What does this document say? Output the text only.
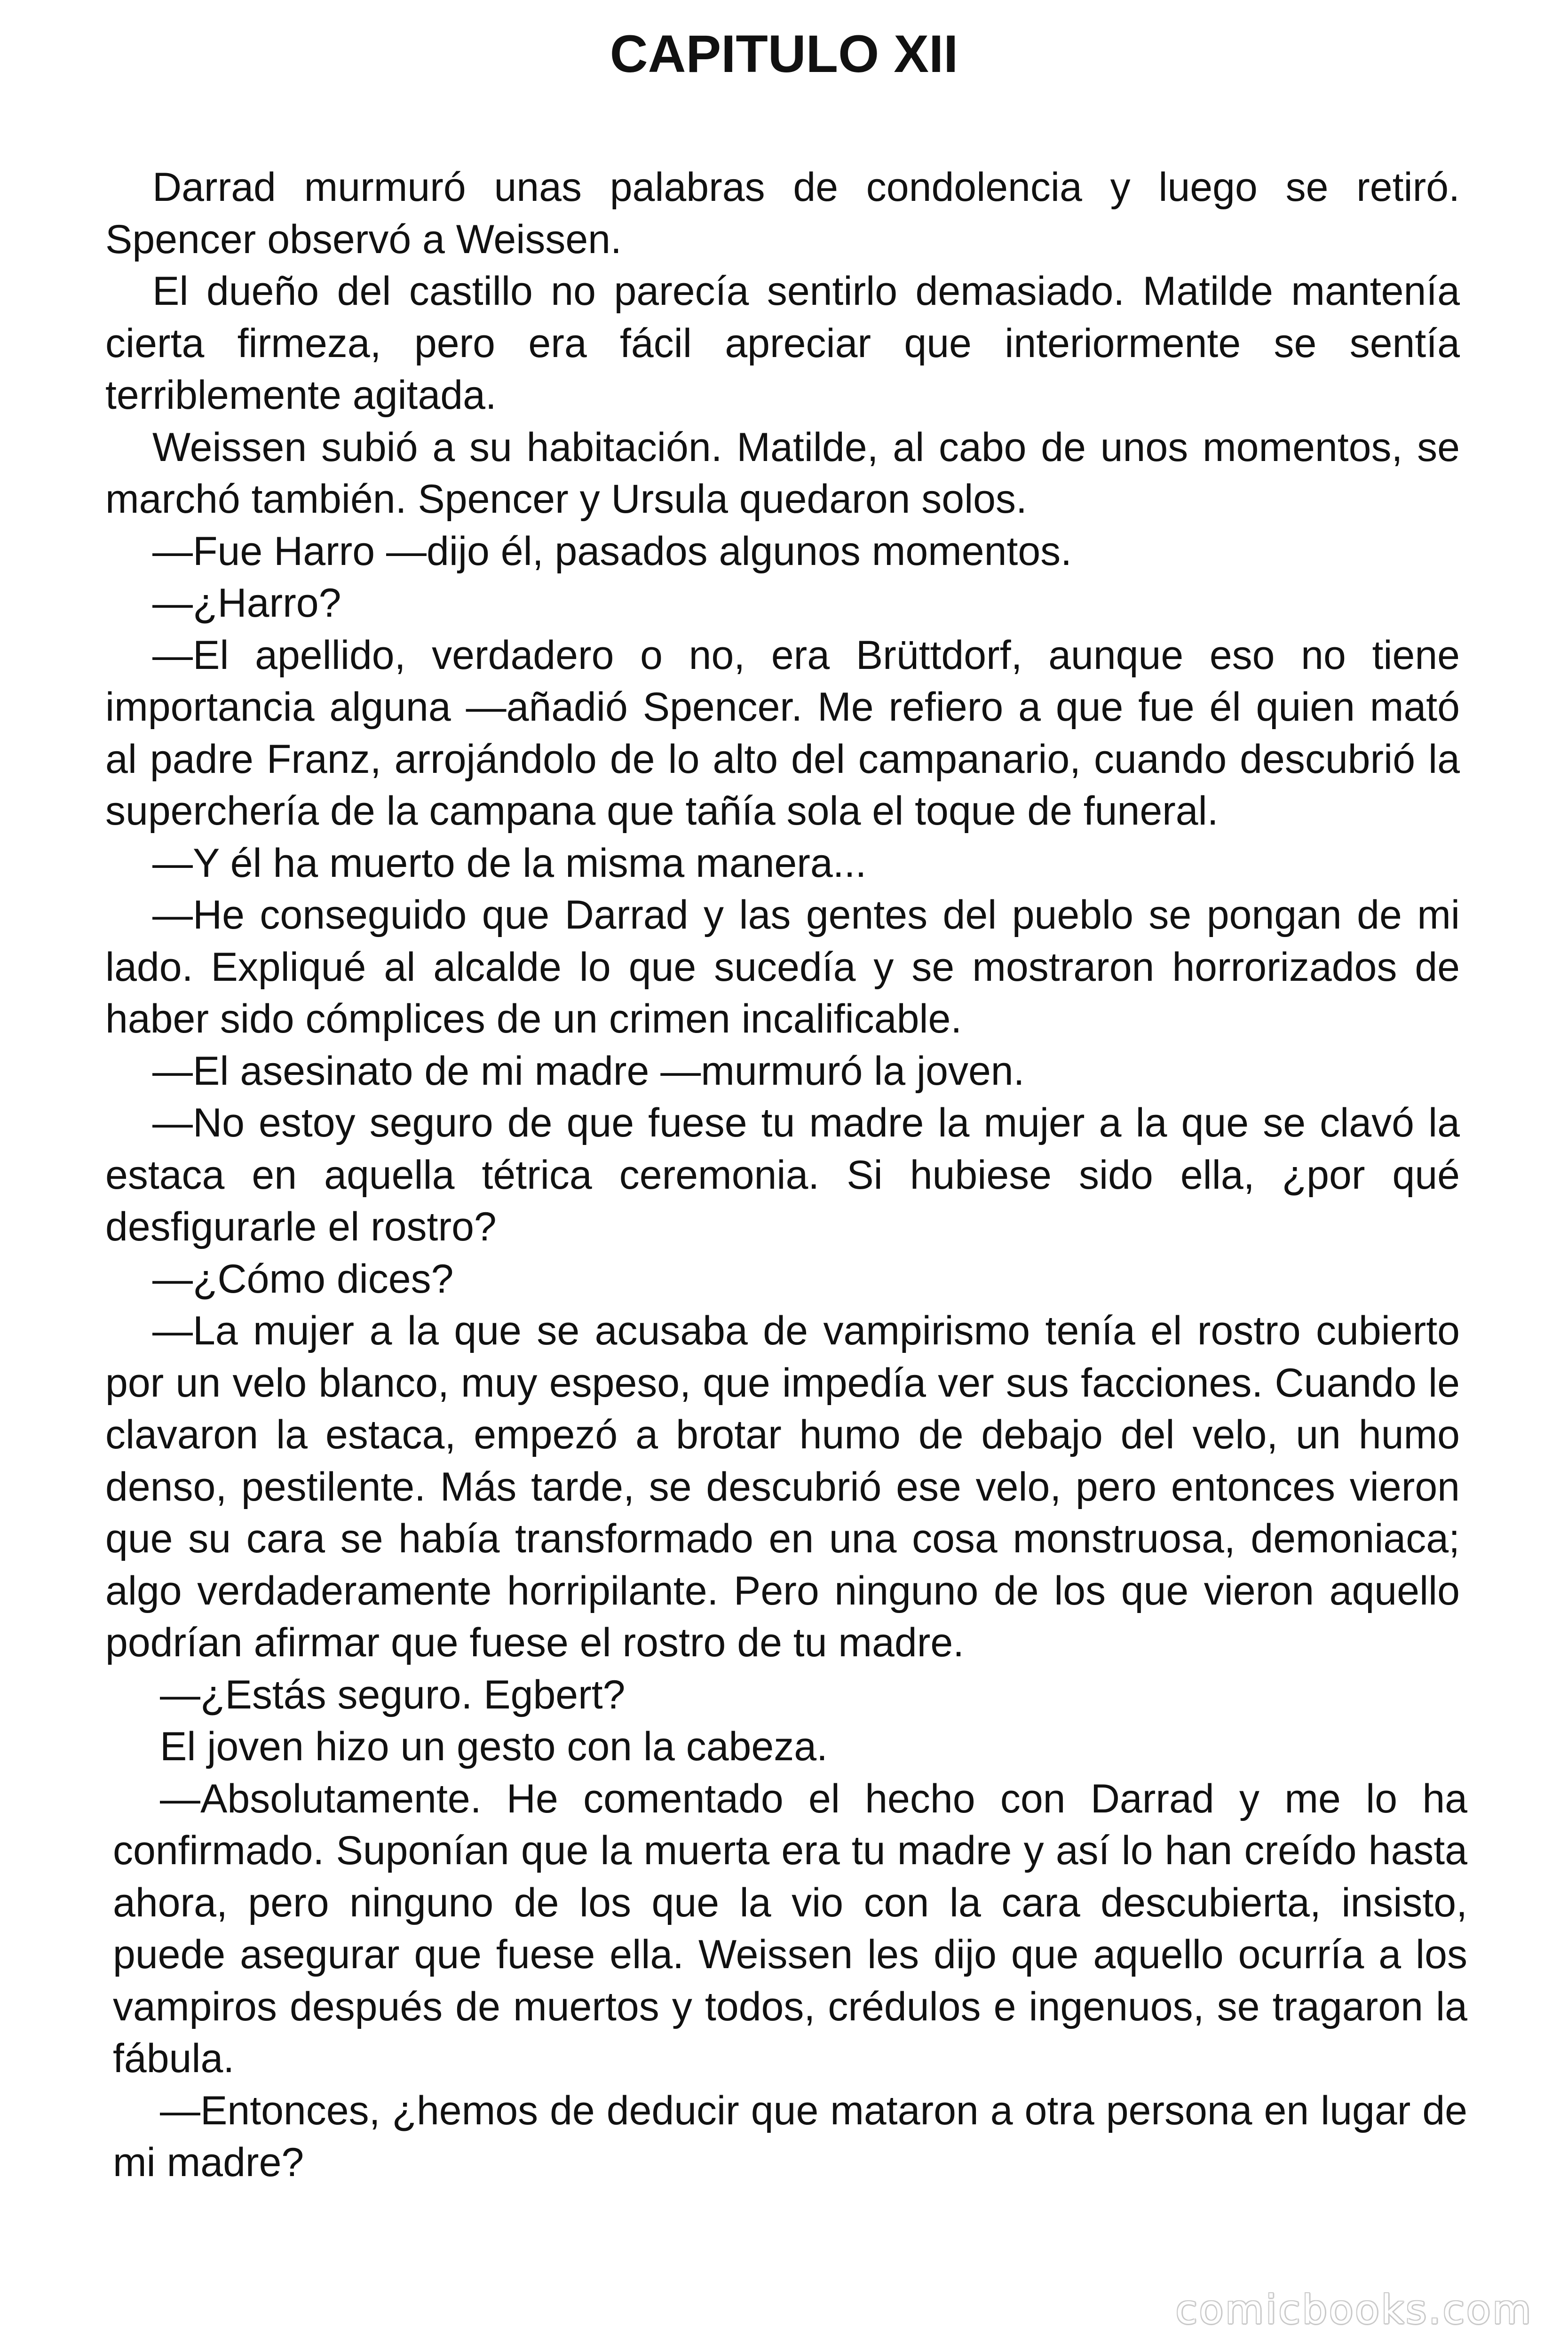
CAPITULO XII

Darrad murmuró unas palabras de condolencia y luego se retiró. Spencer observó a Weissen.

El dueño del castillo no parecía sentirlo demasiado. Matilde mantenía cierta firmeza, pero era fácil apreciar que interiormente se sentía terriblemente agitada.

Weissen subió a su habitación. Matilde, al cabo de unos momentos, se marchó también. Spencer y Ursula quedaron solos.

—Fue Harro —dijo él, pasados algunos momentos.

—¿Harro?

—El apellido, verdadero o no, era Brüttdorf, aunque eso no tiene importancia alguna —añadió Spencer. Me refiero a que fue él quien mató al padre Franz, arrojándolo de lo alto del campanario, cuando descubrió la superchería de la campana que tañía sola el toque de funeral.

—Y él ha muerto de la misma manera...

—He conseguido que Darrad y las gentes del pueblo se pongan de mi lado. Expliqué al alcalde lo que sucedía y se mostraron horrorizados de haber sido cómplices de un crimen incalificable.

—El asesinato de mi madre —murmuró la joven.

—No estoy seguro de que fuese tu madre la mujer a la que se clavó la estaca en aquella tétrica ceremonia. Si hubiese sido ella, ¿por qué desfigurarle el rostro?

—¿Cómo dices?

—La mujer a la que se acusaba de vampirismo tenía el rostro cubierto por un velo blanco, muy espeso, que impedía ver sus facciones. Cuando le clavaron la estaca, empezó a brotar humo de debajo del velo, un humo denso, pestilente. Más tarde, se descubrió ese velo, pero entonces vieron que su cara se había transformado en una cosa monstruosa, demoniaca; algo verdaderamente horripilante. Pero ninguno de los que vieron aquello podrían afirmar que fuese el rostro de tu madre.

—¿Estás seguro. Egbert?

El joven hizo un gesto con la cabeza.

—Absolutamente. He comentado el hecho con Darrad y me lo ha confirmado. Suponían que la muerta era tu madre y así lo han creído hasta ahora, pero ninguno de los que la vio con la cara descubierta, insisto, puede asegurar que fuese ella. Weissen les dijo que aquello ocurría a los vampiros después de muertos y todos, crédulos e ingenuos, se tragaron la fábula.

—Entonces, ¿hemos de deducir que mataron a otra persona en lugar de mi madre?

comicbooks.com
